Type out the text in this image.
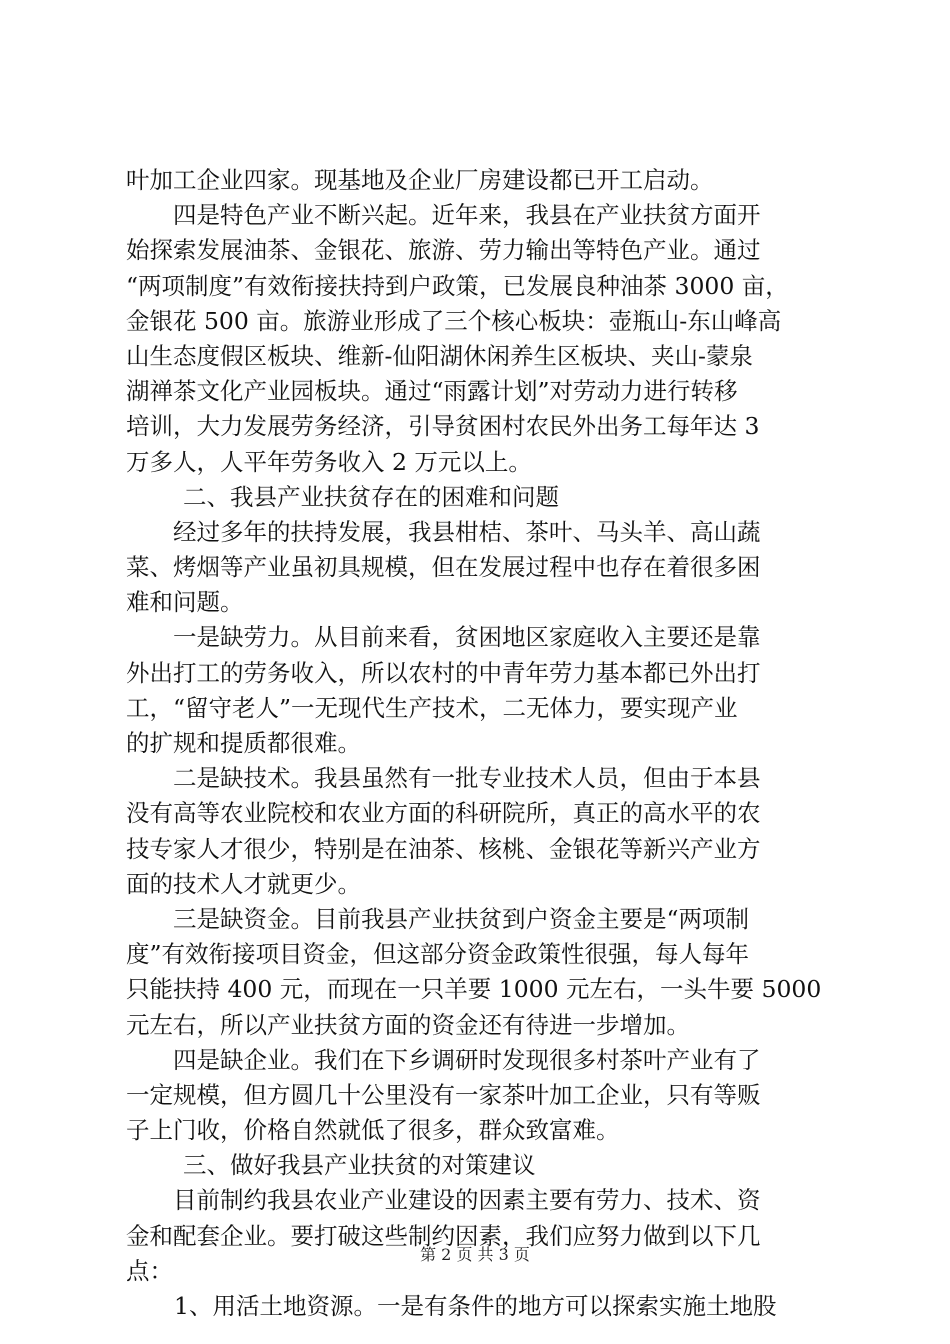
叶加工企业四家。现基地及企业厂房建设都已开工启动。

四是特色产业不断兴起。近年来，我县在产业扶贫方面开

始探索发展油茶、金银花、旅游、劳力输出等特色产业。通过

“两项制度”有效衔接扶持到户政策，已发展良种油茶 3000 亩，

金银花 500 亩。旅游业形成了三个核心板块：壶瓶山-东山峰高

山生态度假区板块、维新-仙阳湖休闲养生区板块、夹山-蒙泉

湖禅茶文化产业园板块。通过“雨露计划”对劳动力进行转移

培训，大力发展劳务经济，引导贫困村农民外出务工每年达 3

万多人，人平年劳务收入 2 万元以上。

二、我县产业扶贫存在的困难和问题

经过多年的扶持发展，我县柑桔、茶叶、马头羊、高山蔬

菜、烤烟等产业虽初具规模，但在发展过程中也存在着很多困

难和问题。

一是缺劳力。从目前来看，贫困地区家庭收入主要还是靠

外出打工的劳务收入，所以农村的中青年劳力基本都已外出打

工，“留守老人”一无现代生产技术，二无体力，要实现产业

的扩规和提质都很难。

二是缺技术。我县虽然有一批专业技术人员，但由于本县

没有高等农业院校和农业方面的科研院所，真正的高水平的农

技专家人才很少，特别是在油茶、核桃、金银花等新兴产业方

面的技术人才就更少。

三是缺资金。目前我县产业扶贫到户资金主要是“两项制

度”有效衔接项目资金，但这部分资金政策性很强，每人每年

只能扶持 400 元，而现在一只羊要 1000 元左右，一头牛要 5000

元左右，所以产业扶贫方面的资金还有待进一步增加。

四是缺企业。我们在下乡调研时发现很多村茶叶产业有了

一定规模，但方圆几十公里没有一家茶叶加工企业，只有等贩

子上门收，价格自然就低了很多，群众致富难。

三、做好我县产业扶贫的对策建议

目前制约我县农业产业建设的因素主要有劳力、技术、资

金和配套企业。要打破这些制约因素，我们应努力做到以下几

点：

1、用活土地资源。一是有条件的地方可以探索实施土地股

第 2 页 共 3 页
